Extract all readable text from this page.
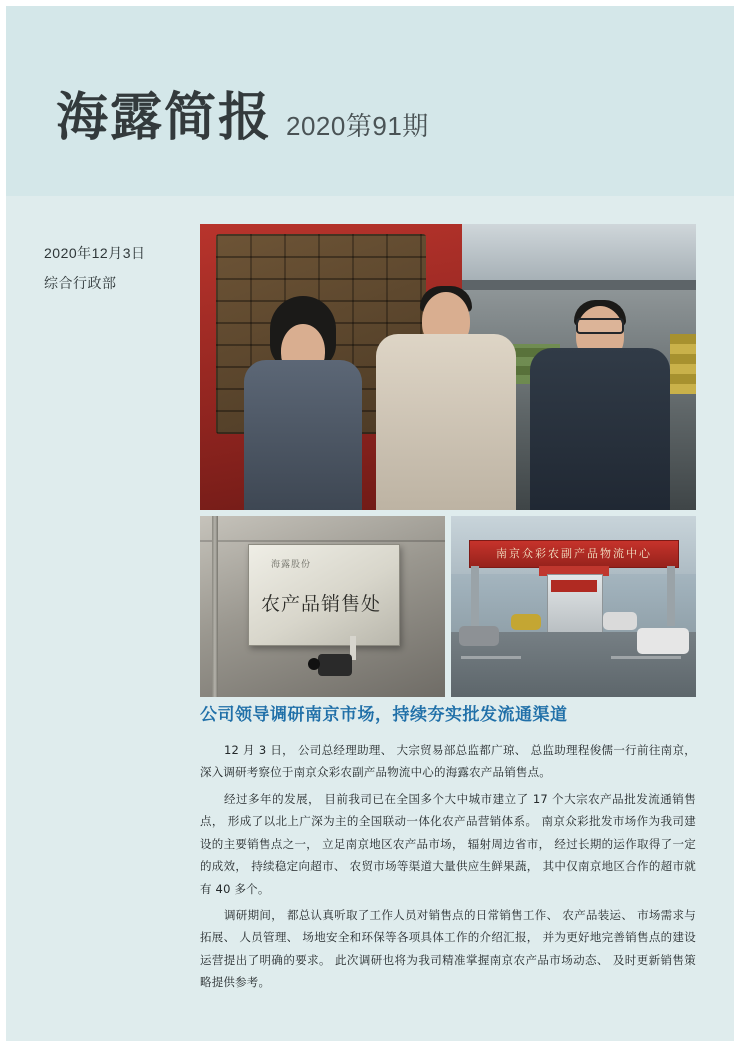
海露简报 2020第91期
2020年12月3日
综合行政部
海露股份
农产品销售处
南京众彩农副产品物流中心
公司领导调研南京市场，持续夯实批发流通渠道

12 月 3 日， 公司总经理助理、 大宗贸易部总监都广琼、 总监助理程俊儒一行前往南京，深入调研考察位于南京众彩农副产品物流中心的海露农产品销售点。

经过多年的发展， 目前我司已在全国多个大中城市建立了 17 个大宗农产品批发流通销售点， 形成了以北上广深为主的全国联动一体化农产品营销体系。 南京众彩批发市场作为我司建设的主要销售点之一， 立足南京地区农产品市场， 辐射周边省市， 经过长期的运作取得了一定的成效， 持续稳定向超市、 农贸市场等渠道大量供应生鲜果蔬， 其中仅南京地区合作的超市就有 40 多个。

调研期间， 都总认真听取了工作人员对销售点的日常销售工作、 农产品装运、 市场需求与拓展、 人员管理、 场地安全和环保等各项具体工作的介绍汇报， 并为更好地完善销售点的建设运营提出了明确的要求。 此次调研也将为我司精准掌握南京农产品市场动态、 及时更新销售策略提供参考。
